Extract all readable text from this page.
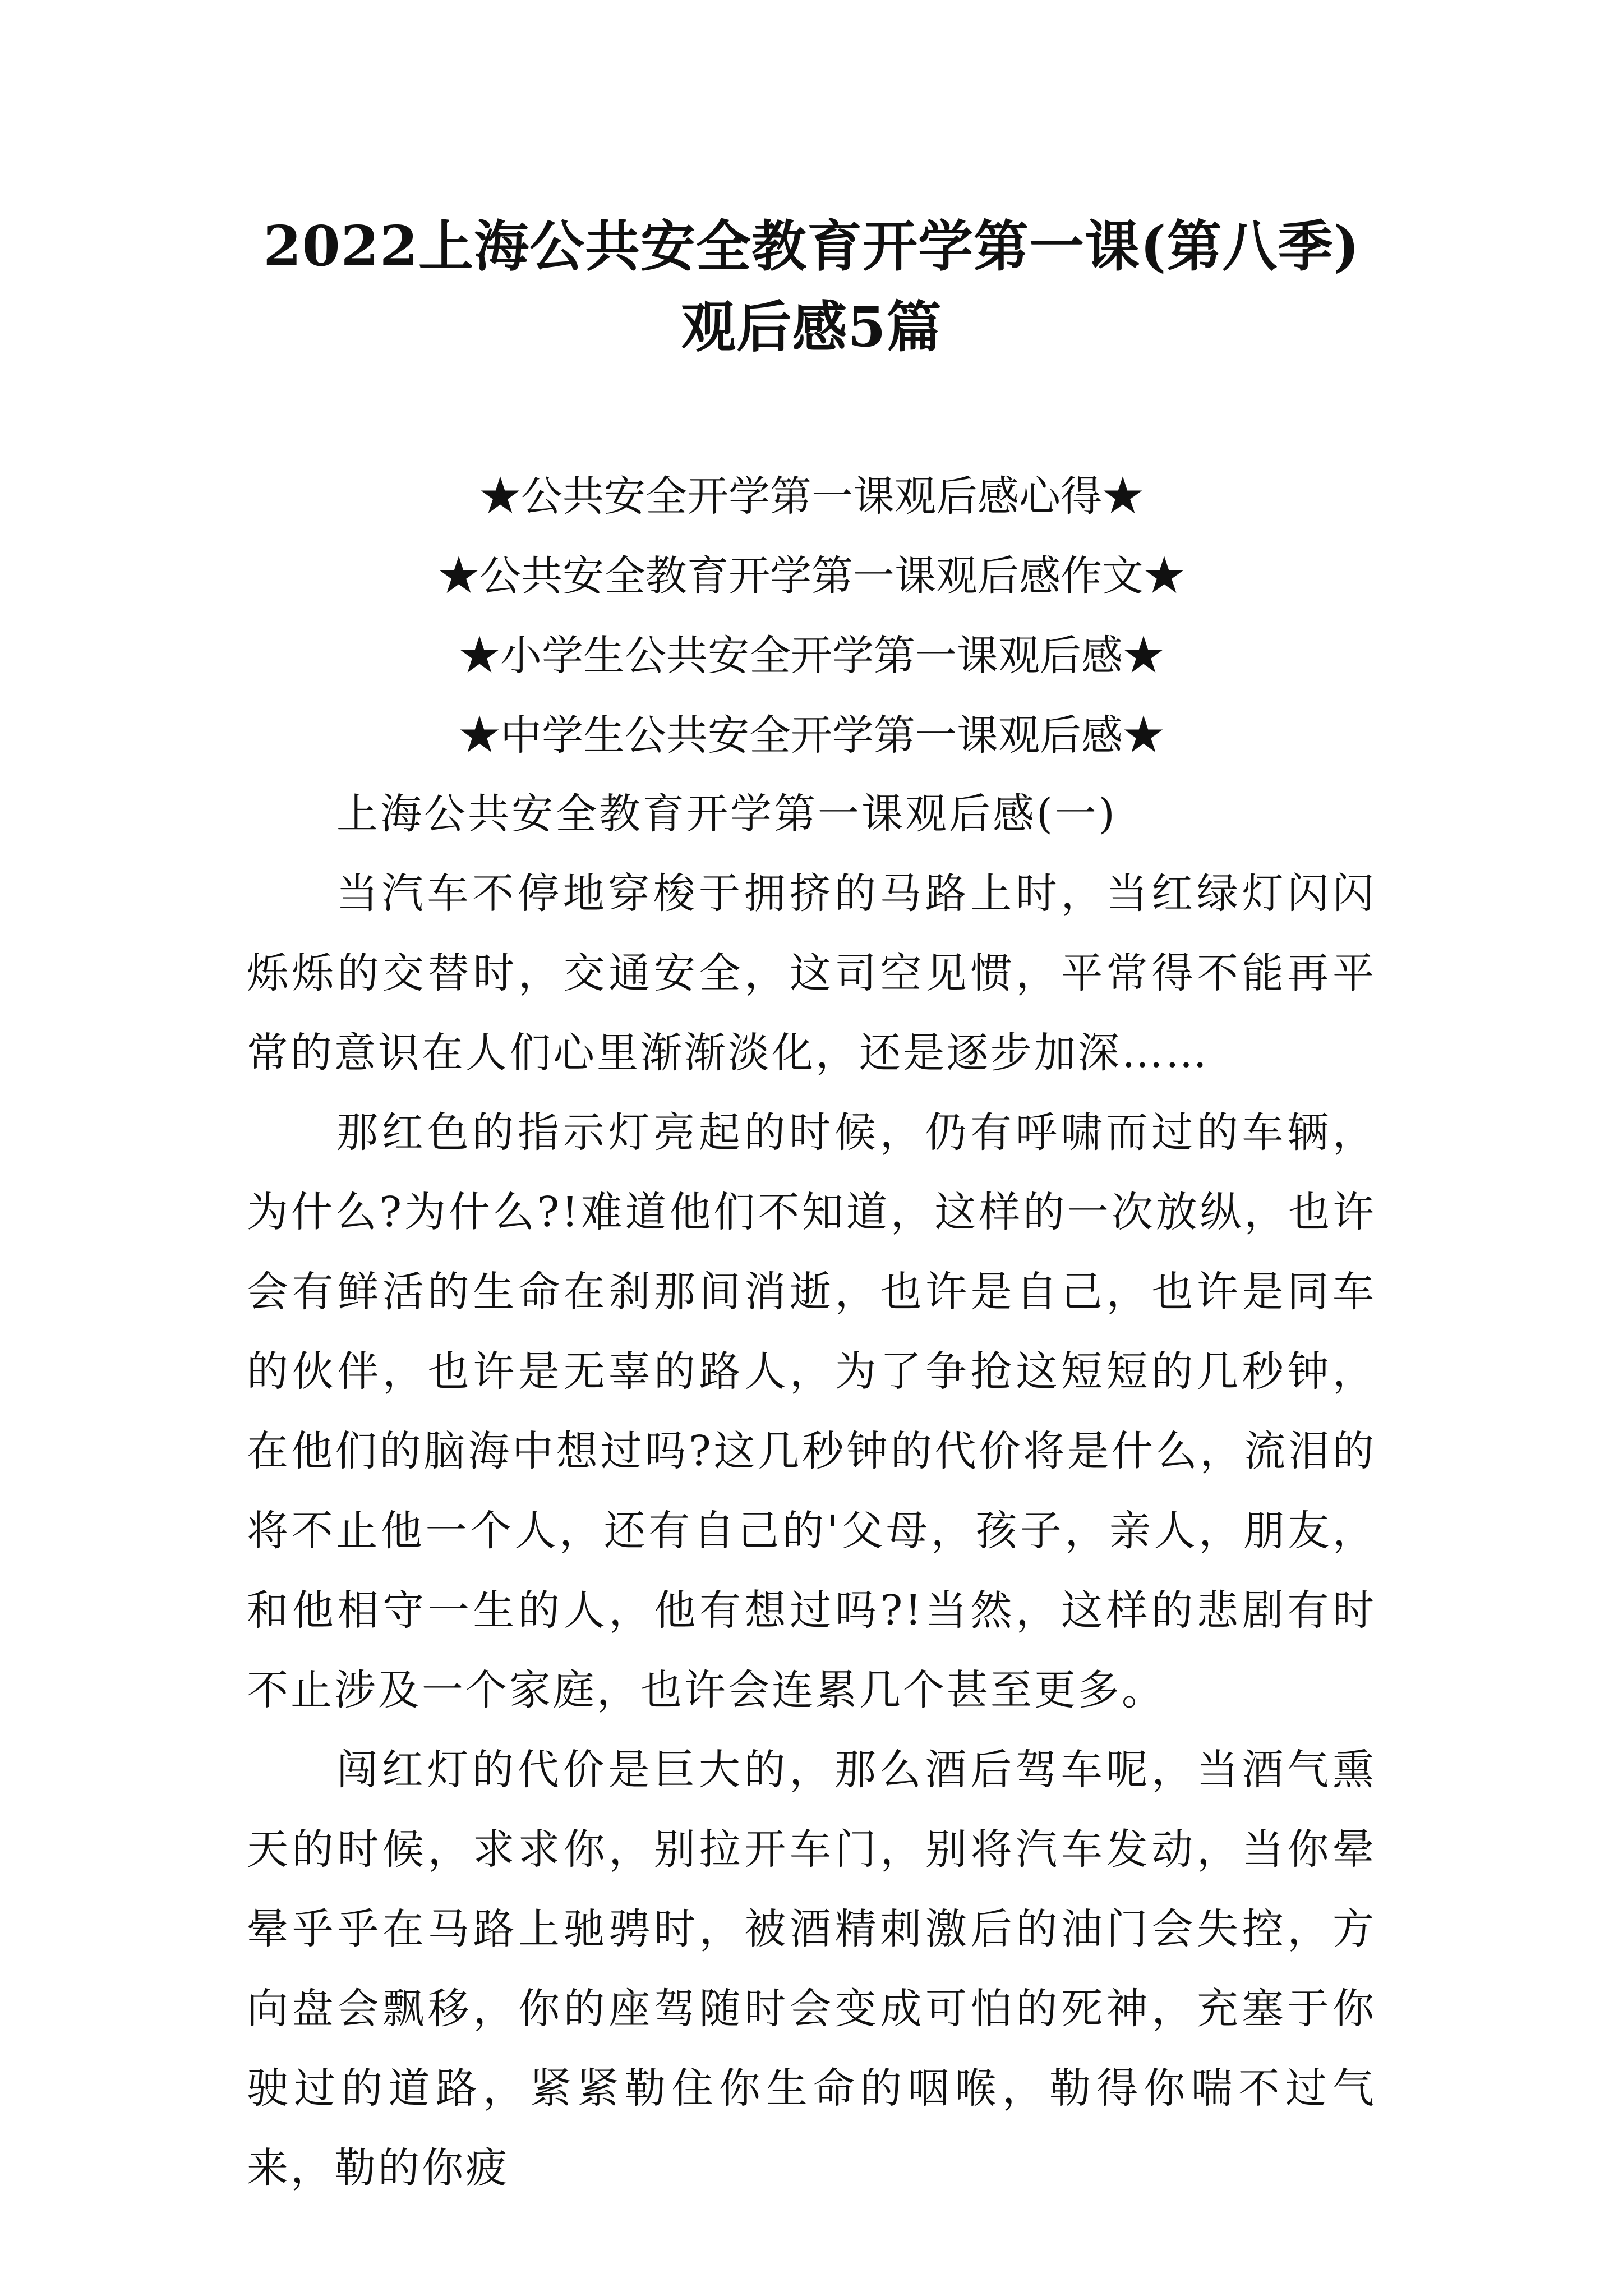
2022上海公共安全教育开学第一课(第八季)
观后感5篇
★公共安全开学第一课观后感心得★
★公共安全教育开学第一课观后感作文★
★小学生公共安全开学第一课观后感★
★中学生公共安全开学第一课观后感★

上海公共安全教育开学第一课观后感(一)

当汽车不停地穿梭于拥挤的马路上时，当红绿灯闪闪烁烁的交替时，交通安全，这司空见惯，平常得不能再平常的意识在人们心里渐渐淡化，还是逐步加深……

那红色的指示灯亮起的时候，仍有呼啸而过的车辆，为什么?为什么?!难道他们不知道，这样的一次放纵，也许会有鲜活的生命在刹那间消逝，也许是自己，也许是同车的伙伴，也许是无辜的路人，为了争抢这短短的几秒钟，在他们的脑海中想过吗?这几秒钟的代价将是什么，流泪的将不止他一个人，还有自己的'父母，孩子，亲人，朋友，和他相守一生的人，他有想过吗?!当然，这样的悲剧有时不止涉及一个家庭，也许会连累几个甚至更多。

闯红灯的代价是巨大的，那么酒后驾车呢，当酒气熏天的时候，求求你，别拉开车门，别将汽车发动，当你晕晕乎乎在马路上驰骋时，被酒精刺激后的油门会失控，方向盘会飘移，你的座驾随时会变成可怕的死神，充塞于你驶过的道路，紧紧勒住你生命的咽喉，勒得你喘不过气来，勒的你疲
